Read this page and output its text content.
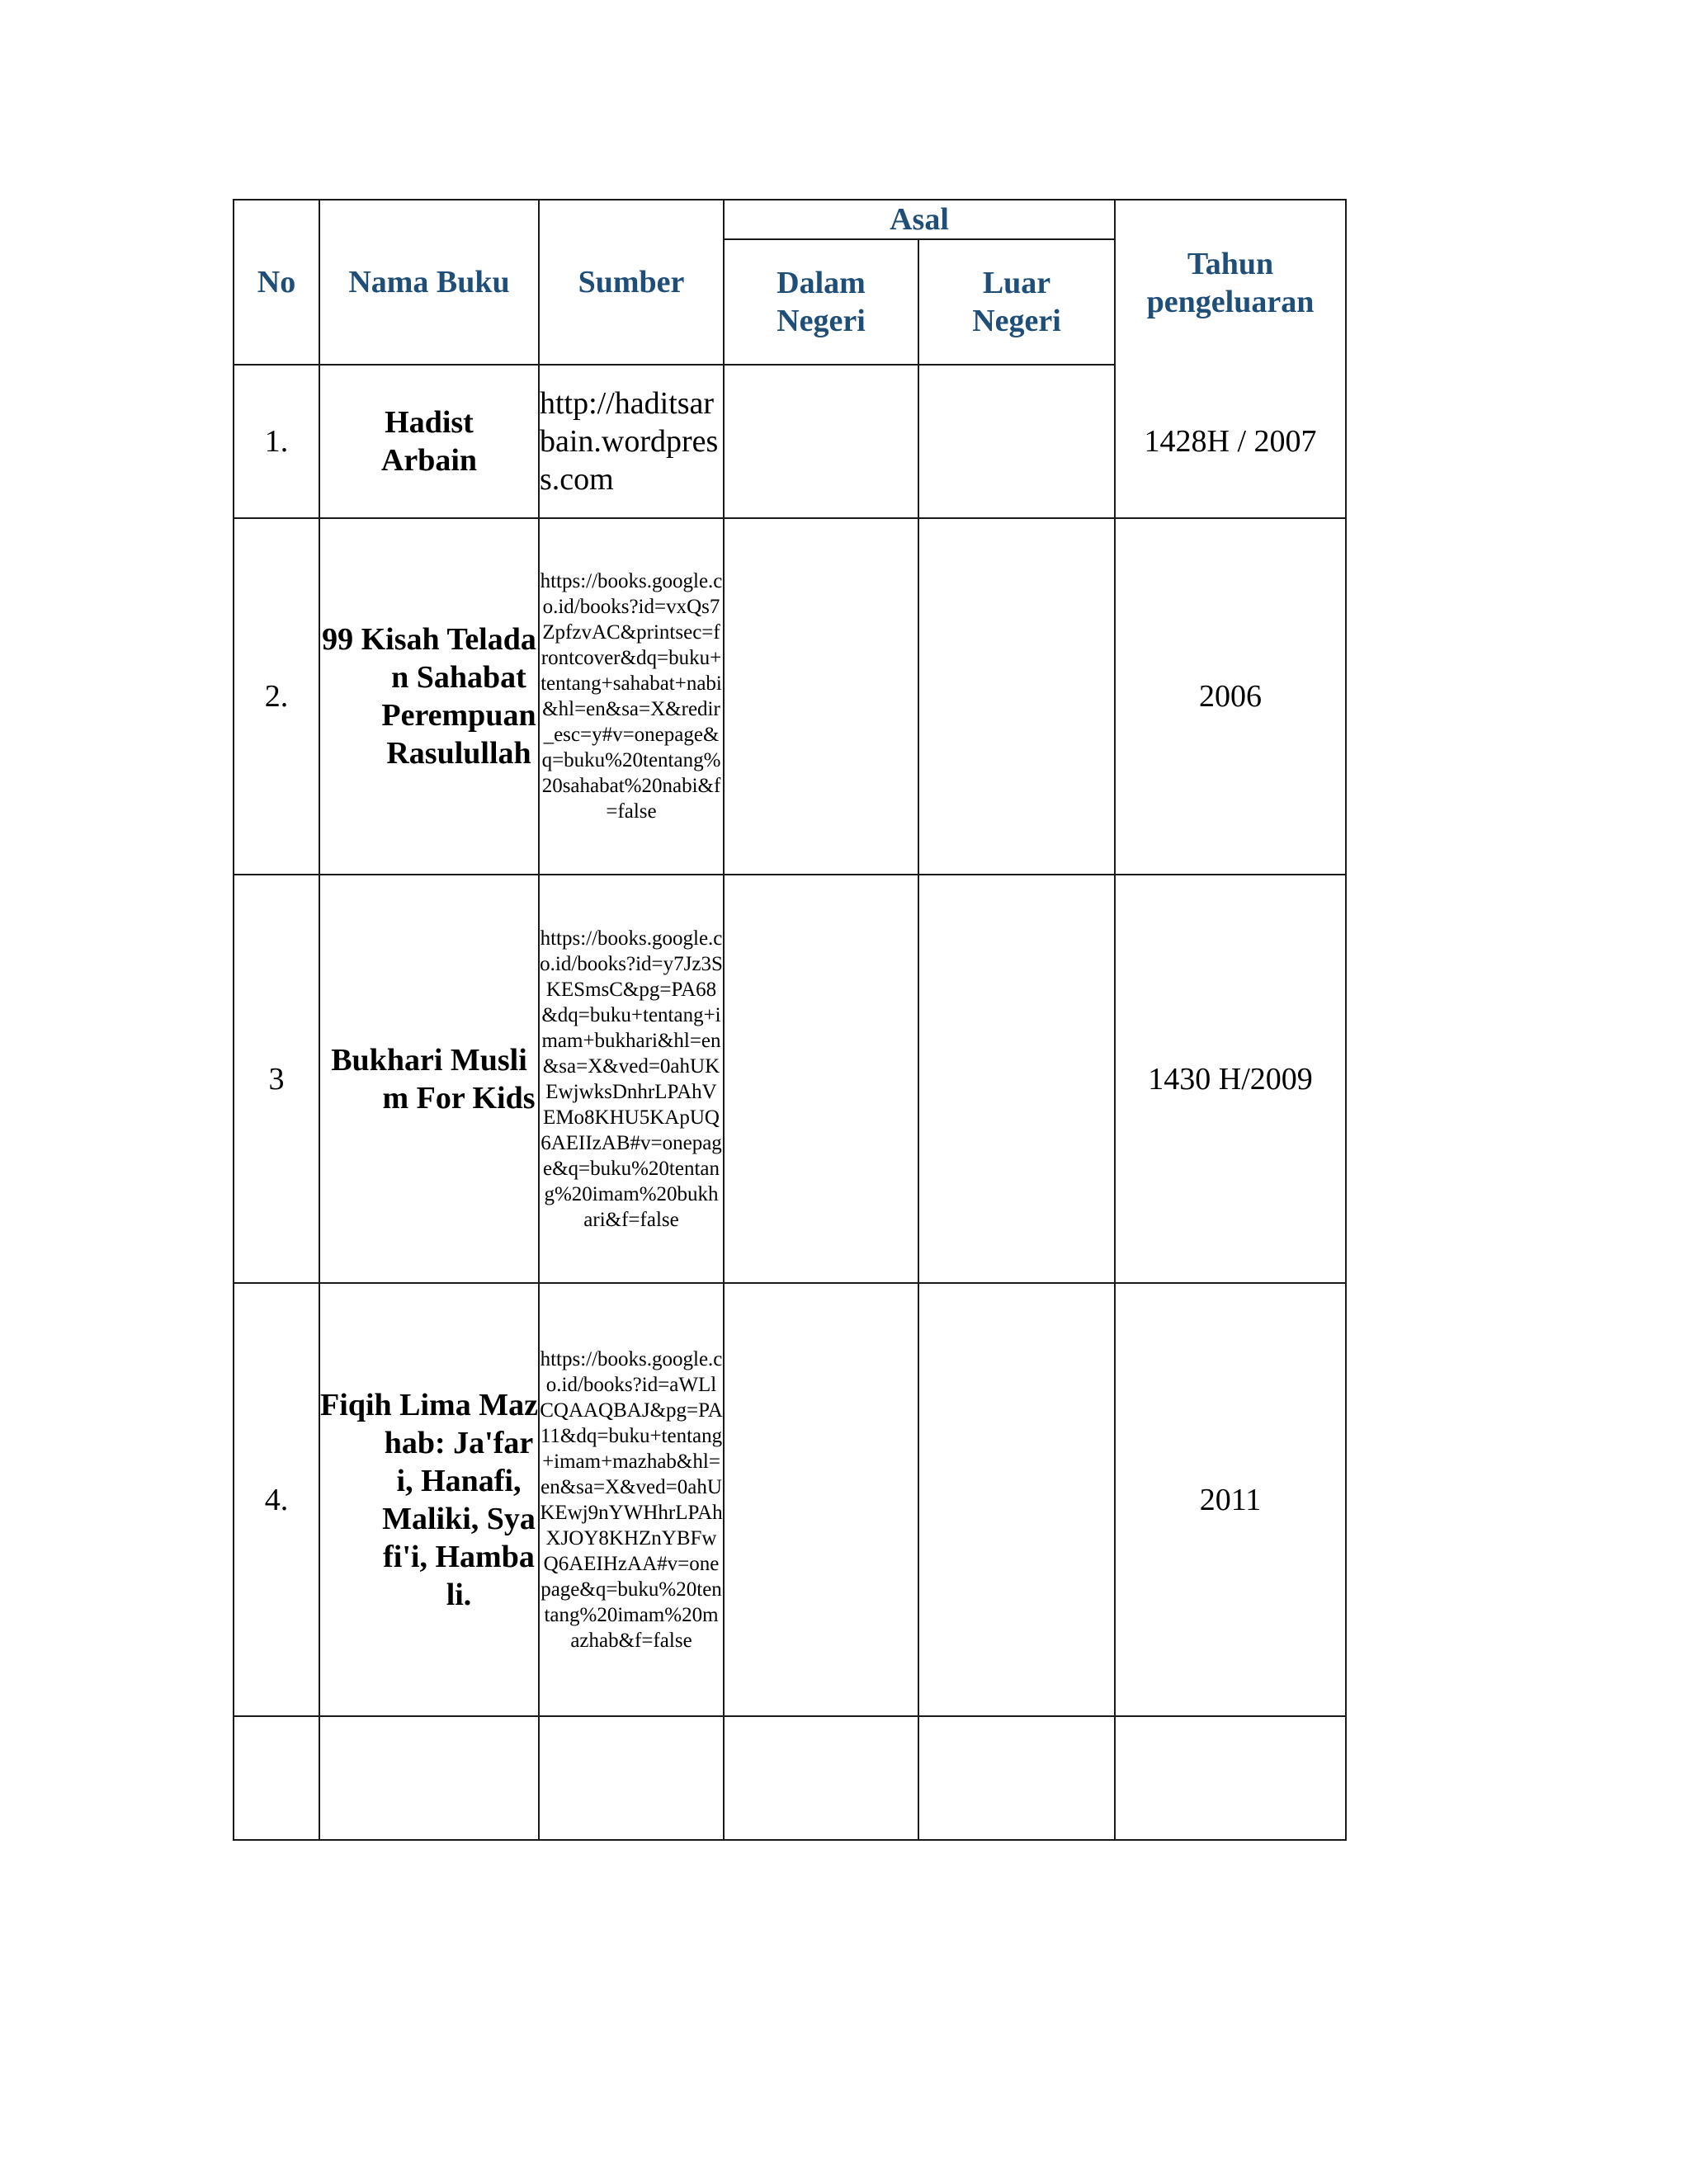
No	Nama Buku	Sumber	Asal		Tahun pengeluaran
			Dalam Negeri	Luar Negeri	
1.	Hadist Arbain	http://haditsarbain.wordpress.com			1428H / 2007
2.	99 Kisah Teladan Sahabat Perempuan Rasulullah	https://books.google.co.id/books?id=vxQs7ZpfzvAC&printsec=frontcover&dq=buku+tentang+sahabat+nabi&hl=en&sa=X&redir_esc=y#v=onepage&q=buku%20tentang%20sahabat%20nabi&f=false			2006
3	Bukhari Muslim For Kids	https://books.google.co.id/books?id=y7Jz3SKESmsC&pg=PA68&dq=buku+tentang+imam+bukhari&hl=en&sa=X&ved=0ahUKEwjwksDnhrLPAhVEMo8KHU5KApUQ6AEIIzAB#v=onepage&q=buku%20tentang%20imam%20bukhari&f=false			1430 H/2009
4.	Fiqih Lima Mazhab: Ja'fari, Hanafi, Maliki, Syafi'i, Hambali.	https://books.google.co.id/books?id=aWLlCQAAQBAJ&pg=PA11&dq=buku+tentang+imam+mazhab&hl=en&sa=X&ved=0ahUKEwj9nYWHhrLPAhXJOY8KHZnYBFwQ6AEIHzAA#v=onepage&q=buku%20tentang%20imam%20mazhab&f=false			2011
